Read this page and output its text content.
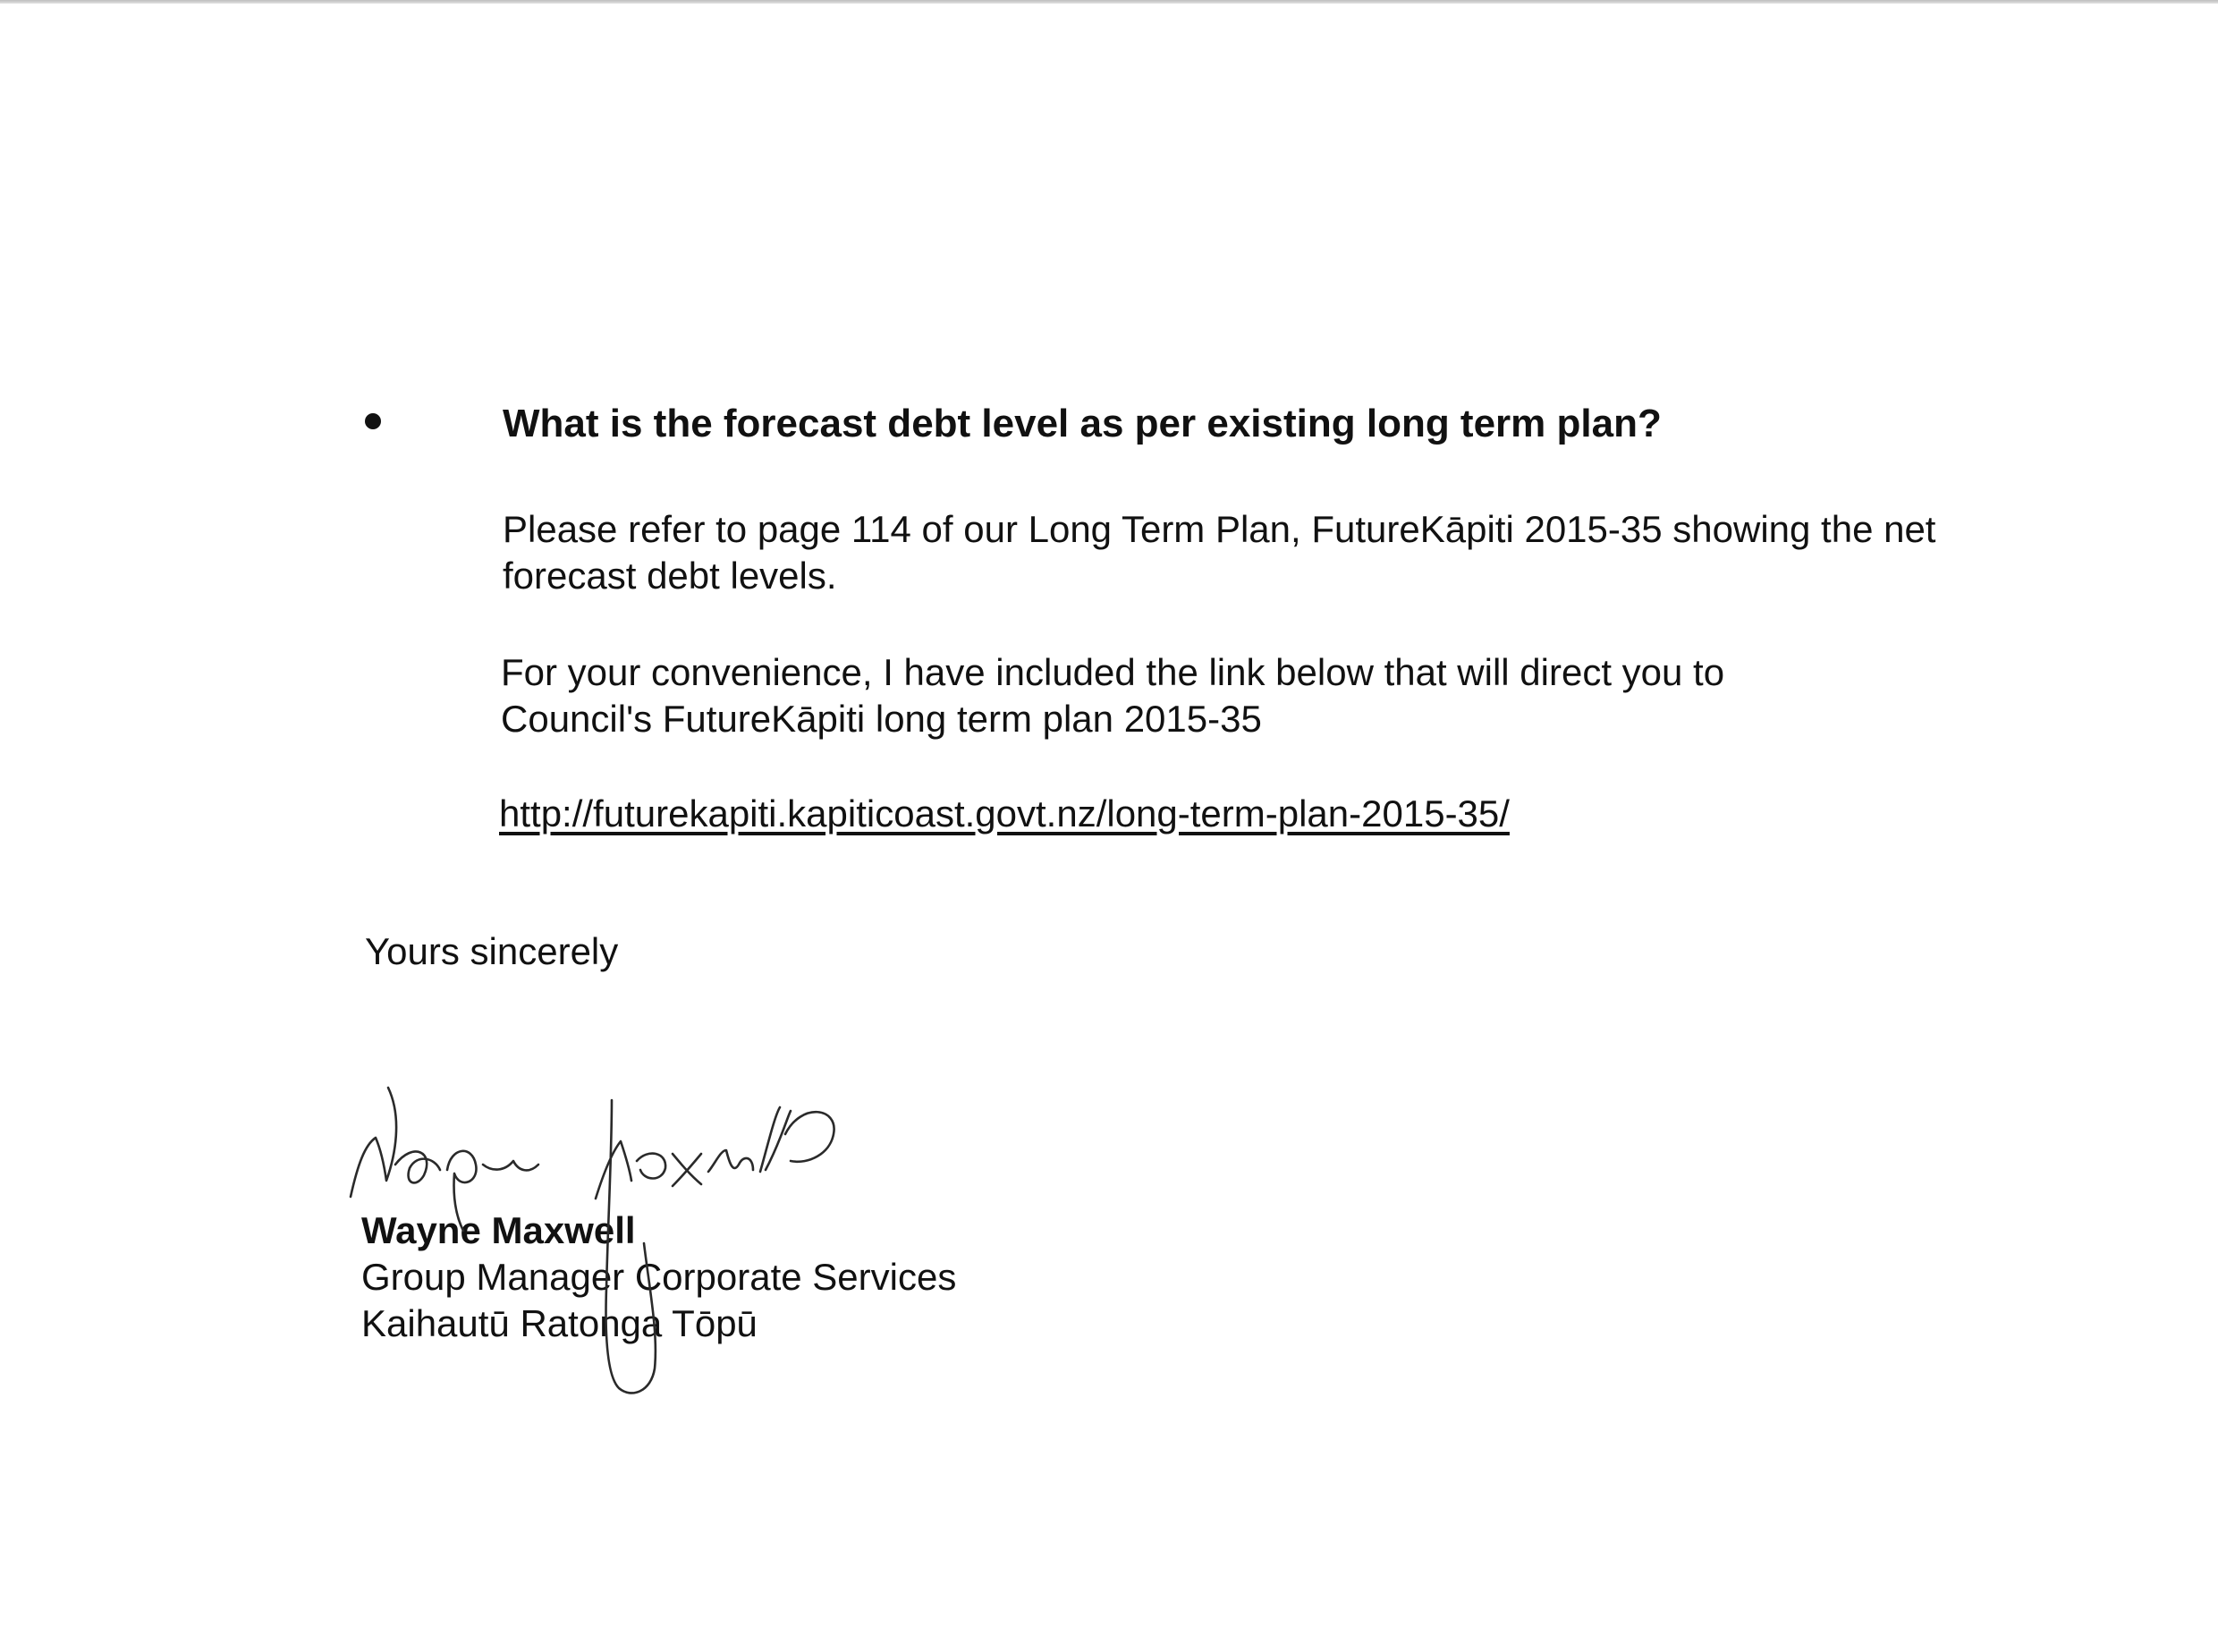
What is the forecast debt level as per existing long term plan?
Please refer to page 114 of our Long Term Plan, FutureKāpiti 2015-35 showing the net
forecast debt levels.
For your convenience, I have included the link below that will direct you to
Council's FutureKāpiti long term plan 2015-35
http://futurekapiti.kapiticoast.govt.nz/long-term-plan-2015-35/
Yours sincerely
Wayne Maxwell
Group Manager Corporate Services
Kaihautū Ratonga Tōpū
